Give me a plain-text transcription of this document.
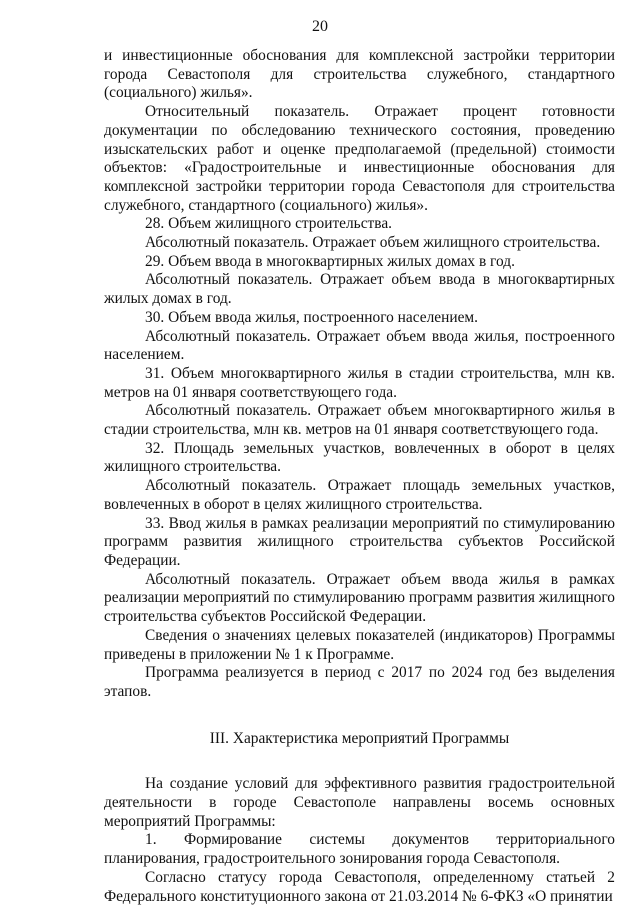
20

и инвестиционные обоснования для комплексной застройки территории города Севастополя для строительства служебного, стандартного (социального) жилья».

Относительный показатель. Отражает процент готовности документации по обследованию технического состояния, проведению изыскательских работ и оценке предполагаемой (предельной) стоимости объектов: «Градостроительные и инвестиционные обоснования для комплексной застройки территории города Севастополя для строительства служебного, стандартного (социального) жилья».

28. Объем жилищного строительства.

Абсолютный показатель. Отражает объем жилищного строительства.

29. Объем ввода в многоквартирных жилых домах в год.

Абсолютный показатель. Отражает объем ввода в многоквартирных жилых домах в год.

30. Объем ввода жилья, построенного населением.

Абсолютный показатель. Отражает объем ввода жилья, построенного населением.

31. Объем многоквартирного жилья в стадии строительства, млн кв. метров на 01 января соответствующего года.

Абсолютный показатель. Отражает объем многоквартирного жилья в стадии строительства, млн кв. метров на 01 января соответствующего года.

32. Площадь земельных участков, вовлеченных в оборот в целях жилищного строительства.

Абсолютный показатель. Отражает площадь земельных участков, вовлеченных в оборот в целях жилищного строительства.

33. Ввод жилья в рамках реализации мероприятий по стимулированию программ развития жилищного строительства субъектов Российской Федерации.

Абсолютный показатель. Отражает объем ввода жилья в рамках реализации мероприятий по стимулированию программ развития жилищного строительства субъектов Российской Федерации.

Сведения о значениях целевых показателей (индикаторов) Программы приведены в приложении № 1 к Программе.

Программа реализуется в период с 2017 по 2024 год без выделения этапов.

III. Характеристика мероприятий Программы

На создание условий для эффективного развития градостроительной деятельности в городе Севастополе направлены восемь основных мероприятий Программы:

1. Формирование системы документов территориального планирования, градостроительного зонирования города Севастополя.

Согласно статусу города Севастополя, определенному статьей 2 Федерального конституционного закона от 21.03.2014 № 6-ФКЗ «О принятии
